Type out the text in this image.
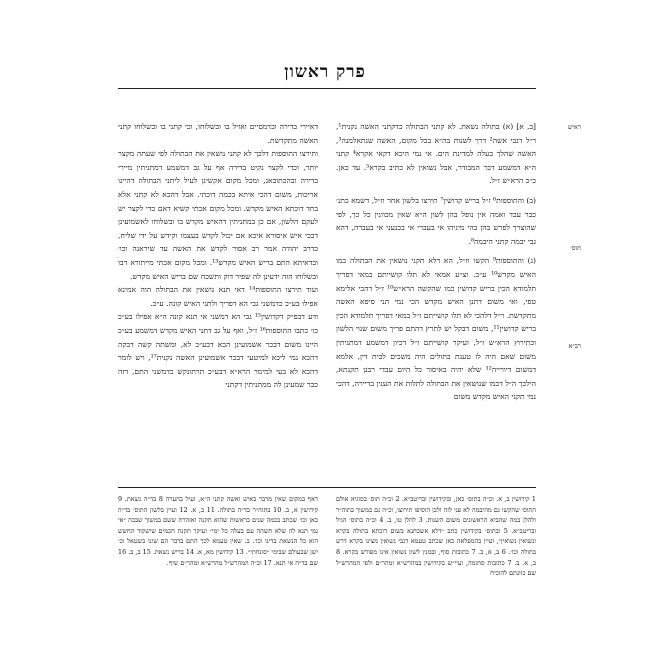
פרק ראשון
ראיש
תוס׳
רב״א

[ב, א] (א) בתולה נשאת. לא קתני הבתולה כדקתני האשה נקנית¹, ר״ל דגבי אשה² דרך לשנות בה״א בכל מקום, האשה שנתאלמנה³, האשה שהלך בעלה למדינת הים. אי נמי היכא דקאי אקרא⁴ קתני ה״א דמשמע דבר המבודר, אבל נשואין לא כתיב בקרא⁵. עד כאן. כ״כ הרא״ש ז״ל.

(ב) והתוספות⁶ ז״ל בריש קדושין⁷ תירצו בלשון אחר וז״ל, דשמא כתנ׳ כבר עבד ואמה אין נופל בהן לשון ה״א שאין מכוונין כל כך, לפי שהוצרך לפרש בהן בהי מיניהו אי בעברי אי בכנעני אי בעברה, דהא גבי יבמה קתני היבמה⁸.

(ג) והתוספות⁹ הקשו וז״ל, הא דלא תקני נושאין את הבתולה כמו האיש מקדש¹⁰ ע״כ. וצ״ע אמאי לא תלו קושייתם במאי דפריך תלמודא הכין בריש קדושין כמו שהקשה הרא״ש¹⁰ ז״ל דהכי אלימא טפי, ואי משום דתנן האיש מקדש הכי נמי תני סיפא האשה מתקדשת. ר״ל דלהכי לא תלו קושייתם ז״ל במאי דפריך תלמודא הכין בריש קדושין¹¹, משום דבקל יש לתרץ דהתם פריך משום שנוי הלשון וכתירוץ הרא״ש ז״ל, ועיקר קושייתם ז״ל דכיון דמשמע דמתניתין משום שאם היה לו טענת בתולים היה משכים לבית דין, אלמא דמשום דיורייה¹² שלא יהיה באיסור כל היום עבדי רבנן תקנתא, הילכך ה״ל דכמו שנושאין את הבתולה לתלות את הענין בדיירה, דהכי נמי תקני האיש מקדש משום

דאיירי בדירה וכדמסיים ואזיל בו ובשלוחו, וכי קתני בו ובשלוחו קתני האשה מתקדשת.

ותירצו התוספות דלכך לא קתני נושאין את הבתולה לפי שעתה מקצר יותר, וכדי לקצר נקיט בדירה אף על גב דמשמע דמתניתין מיירי בדירה ובהכתובאג, ומכל מקום אקשינן לעיל ליתני הבתולה דהיינו אריכות, משום דהכי איתא בכמה דוכתי. אבל דהכא לא קתני אלא בחד דוכתא האיש מקדש. ומכל מקום אכתי קשיא דאם כדי לקצר יש לעקם הלשון, אם כן במתניתין דהאיש מקדש בו ובשלוחו לאשמועינן דבכי איש איסורא איכא אם יכול לקדש בעצמו וקידש על ידי שליח, כדרב יהודה אמר רב אסור לקדש את האשה עד שיראנה וכו׳ ובדאיתא התם בריש האיש מקדש¹³. ומכל מקום אכתי מייתורא דבו ובשלוחו הוה ידעינן לה שפיר דוק ותשכח שם בריש האיש מקדש.

ועוד תירצו התוספות¹⁴ דאי תנא נושאין את הבתולה הוה אמינא אפילו בע״כ כדמשני גבי הא דפריך ולתני האיש קונה. ע״כ.

ודע דבפ״ק דקדושין¹⁵ גבי הא דמשני אי תנא קונה ה״א אפילו בע״כ כו׳ כתבו התוספות¹⁶ ז״ל, ואף על גב דתני האיש מקדש דמשמע בע״כ היינו משום דבכר אשמועינן הכא דבע״כ לא, ומשתה קשה דבקה דהכא נמי ליכא למיטעי דבכר אשמועינן האשה נקנית¹⁷, ויש לומר דהכא לא בעי למימר הרא״א דבע״כ תרתונקש כדמשני התם, דזה כבר שמעינן לה ממתניתין דקתני

1 קידושין ב, א. וכ״ה בתוס׳ כאן, ובקידושין ובריטב״א. 2 וכ״ה תוס׳ בסוגיא אולם התוס׳ שהקשו גם מהיבמה לא פני לזה ולכן הוסיפו תירוצו, וכ״ה גם במשוך בתוה״ר ולהלן במה שהביא הראשונים משום השנות. 3 להלן טו, ב. 4 וכ״ה בתוס׳ הגיל ובריטב״א. 5 ובתוס׳ בקידושין כתב ״דלא אשכחנא בשום דוכתא בתולה בקרא ונשואין נשואין״, ועיין בהמפלאה כאן שכתב טעמא דגבי נשואין מצינו בקרא דרש בתולה וכו׳. 6 ב, א, ב. 7 כתובות סוף, ובמנין לשון נשואין אינו מפורש בקרא. 8 ב, א. ב. 7 כתובות סתומה, ועיי״ש בקידושין במהרש״א ומהר״ם ולפי המהרש״ל שם כוונתם להוכיח
דאף במקום שאין מדבר באיש ואשה קתני ה״א, ועיל בהערה 8 בד״ה נשאת. 9 קידושין א, ב. 10 בתוה״ר בד״ה בתולה. 11 ב, א. 12 ועיין בלשון התוס׳ בד״ה כאן וכו׳ שכתב בכמה שנים בראשות שהוא תקנה ואזהרת ששם במשוך שבכה ״אי נמי תנא לה שלא תשהה עם בעלה כל ימי״ ועיקר תקנת חכמים שישקוד החשש הוא כל הנשאת בדינו וכו׳. ב. שאין טעמא לכך התם בדבר הם שונו בשטאל וכ׳ ישן שבעולם שבימי ״סונחתי״. 13 קידושין מא, א. 14 בריש נשאת. 15 ב, ב. 16 שם בד״ה אי תנא. 17 וכ״ה המהרש״ל מהרש״א ומהר״ם שיף.
